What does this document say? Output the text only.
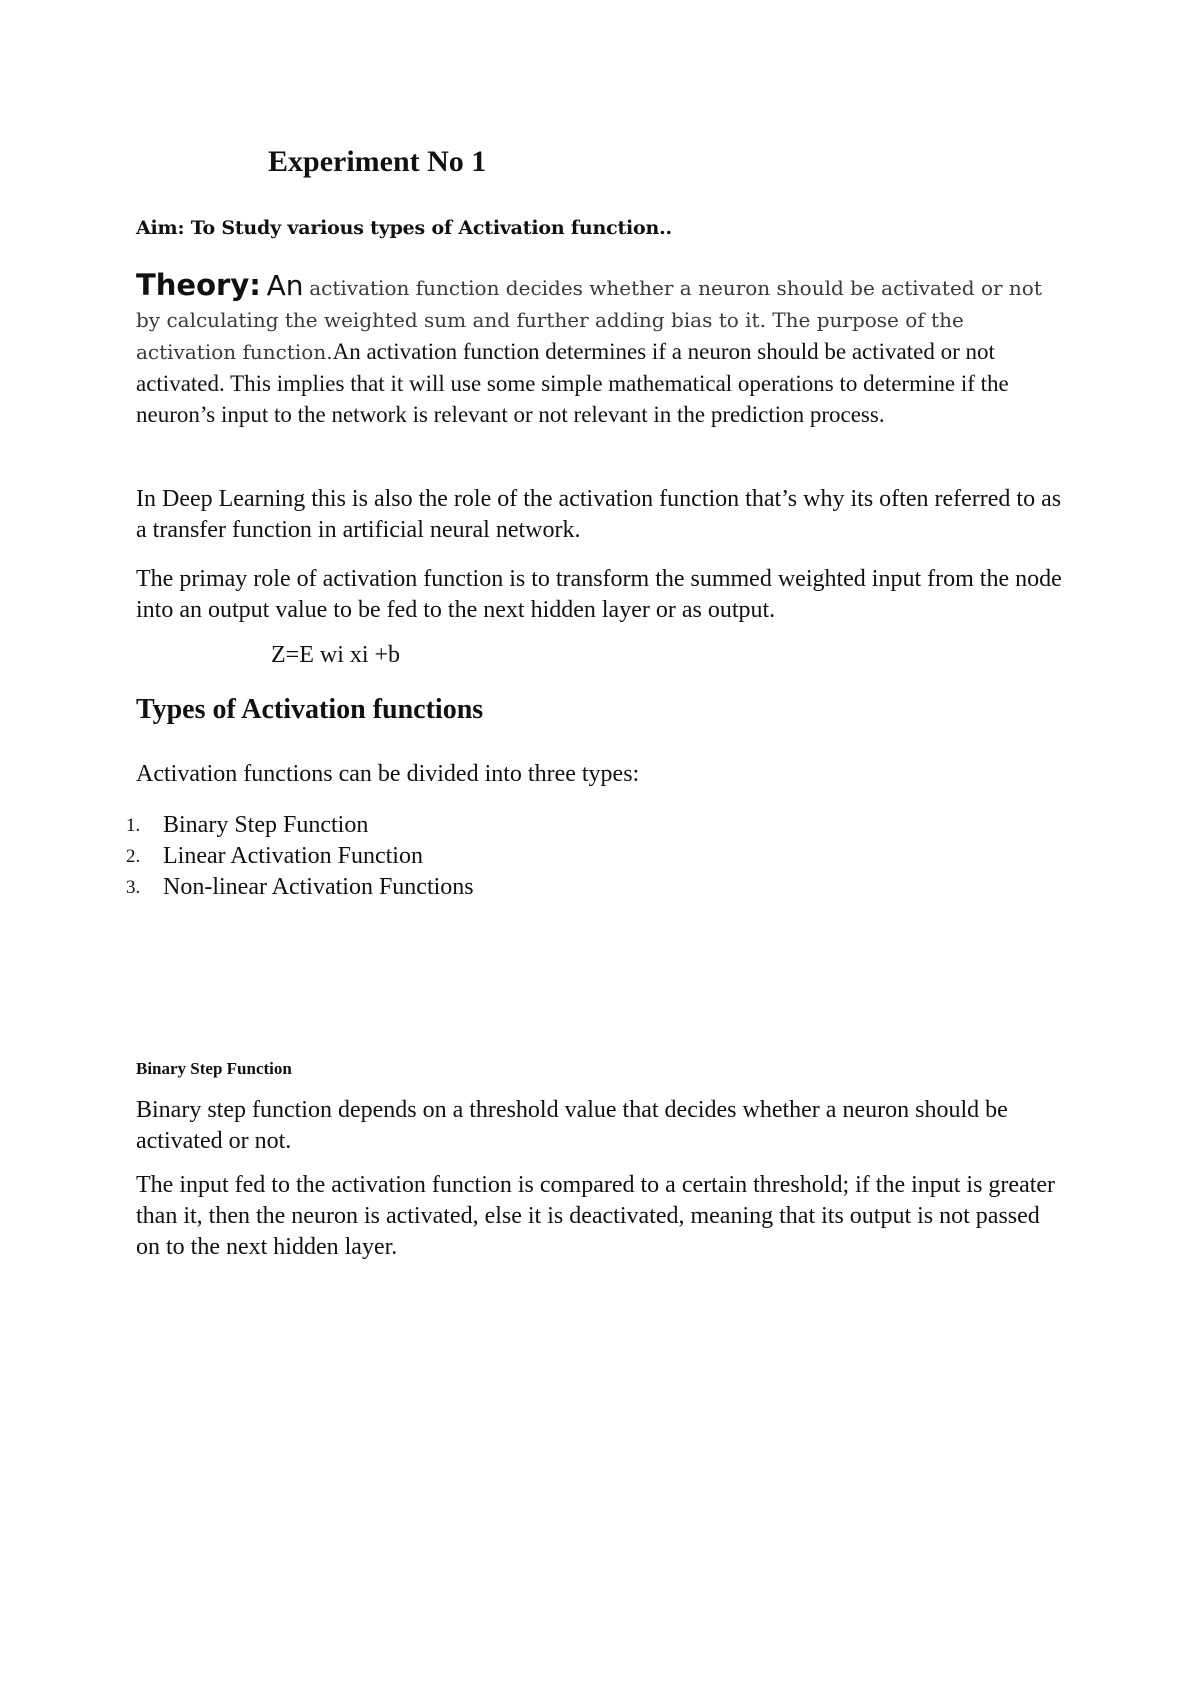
Experiment No 1

Aim: To Study various types of Activation function..

Theory: An activation function decides whether a neuron should be activated or not by calculating the weighted sum and further adding bias to it. The purpose of the activation function.An activation function determines if a neuron should be activated or not activated. This implies that it will use some simple mathematical operations to determine if the neuron’s input to the network is relevant or not relevant in the prediction process.

In Deep Learning this is also the role of the activation function that’s why its often referred to as a transfer function in artificial neural network.

The primay role of activation function is to transform the summed weighted input from the node into an output value to be fed to the next hidden layer or as output.

Z=E wi xi +b

Types of Activation functions

Activation functions can be divided into three types:

1. Binary Step Function
2. Linear Activation Function
3. Non-linear Activation Functions
Binary Step Function

Binary step function depends on a threshold value that decides whether a neuron should be activated or not.

The input fed to the activation function is compared to a certain threshold; if the input is greater than it, then the neuron is activated, else it is deactivated, meaning that its output is not passed on to the next hidden layer.
